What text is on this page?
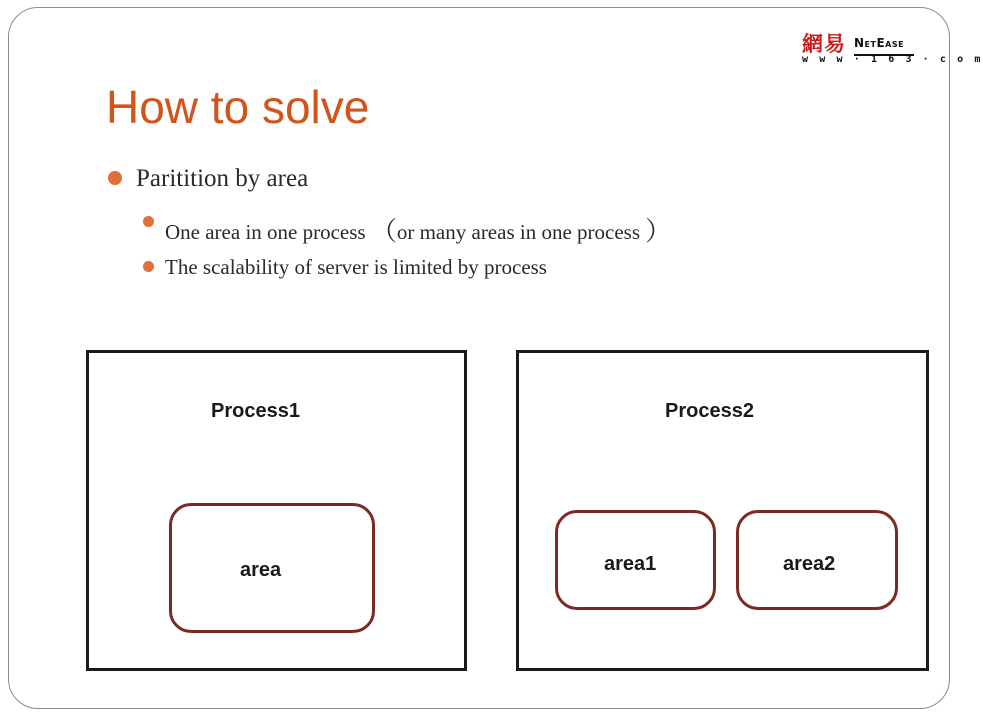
網易 NetEase
w w w · 1 6 3 · c o m
How to solve
Paritition by area
One area in one process （or many areas in one process ）
The scalability of server is limited by process
Process1	Process2
area	area1	area2
